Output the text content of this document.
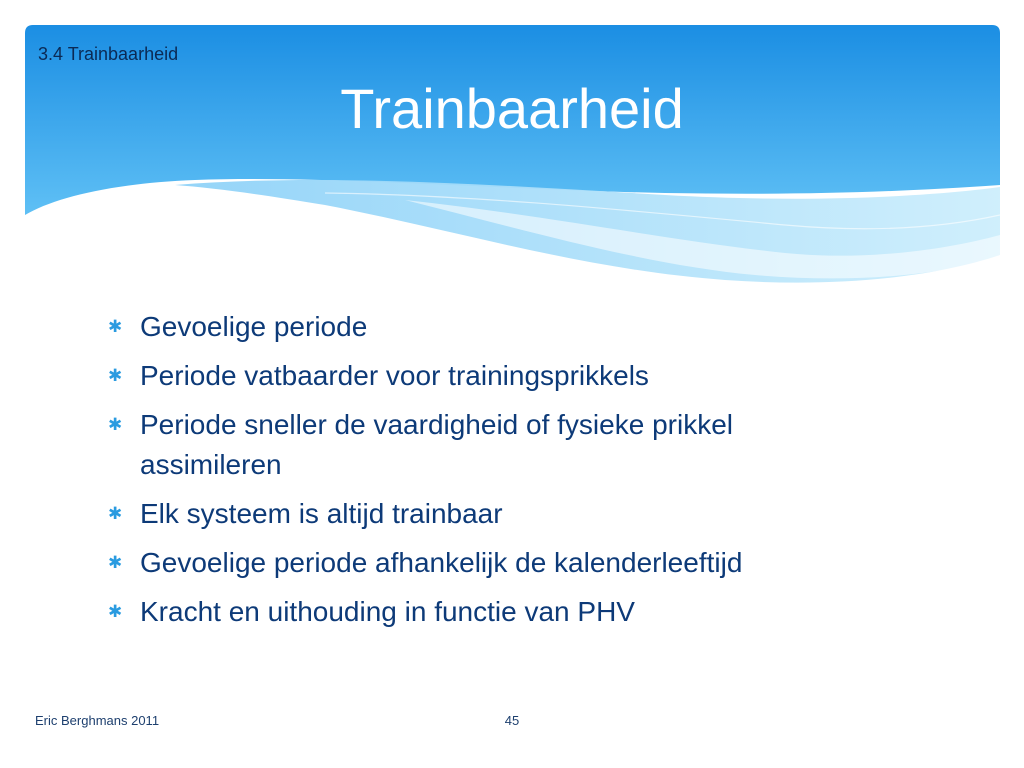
3.4 Trainbaarheid
Trainbaarheid
✱ Gevoelige periode
✱ Periode vatbaarder voor trainingsprikkels
✱ Periode sneller de vaardigheid of fysieke prikkel assimileren
✱ Elk systeem is altijd trainbaar
✱ Gevoelige periode afhankelijk de kalenderleeftijd
✱ Kracht en uithouding in functie van PHV
Eric Berghmans 2011	45
